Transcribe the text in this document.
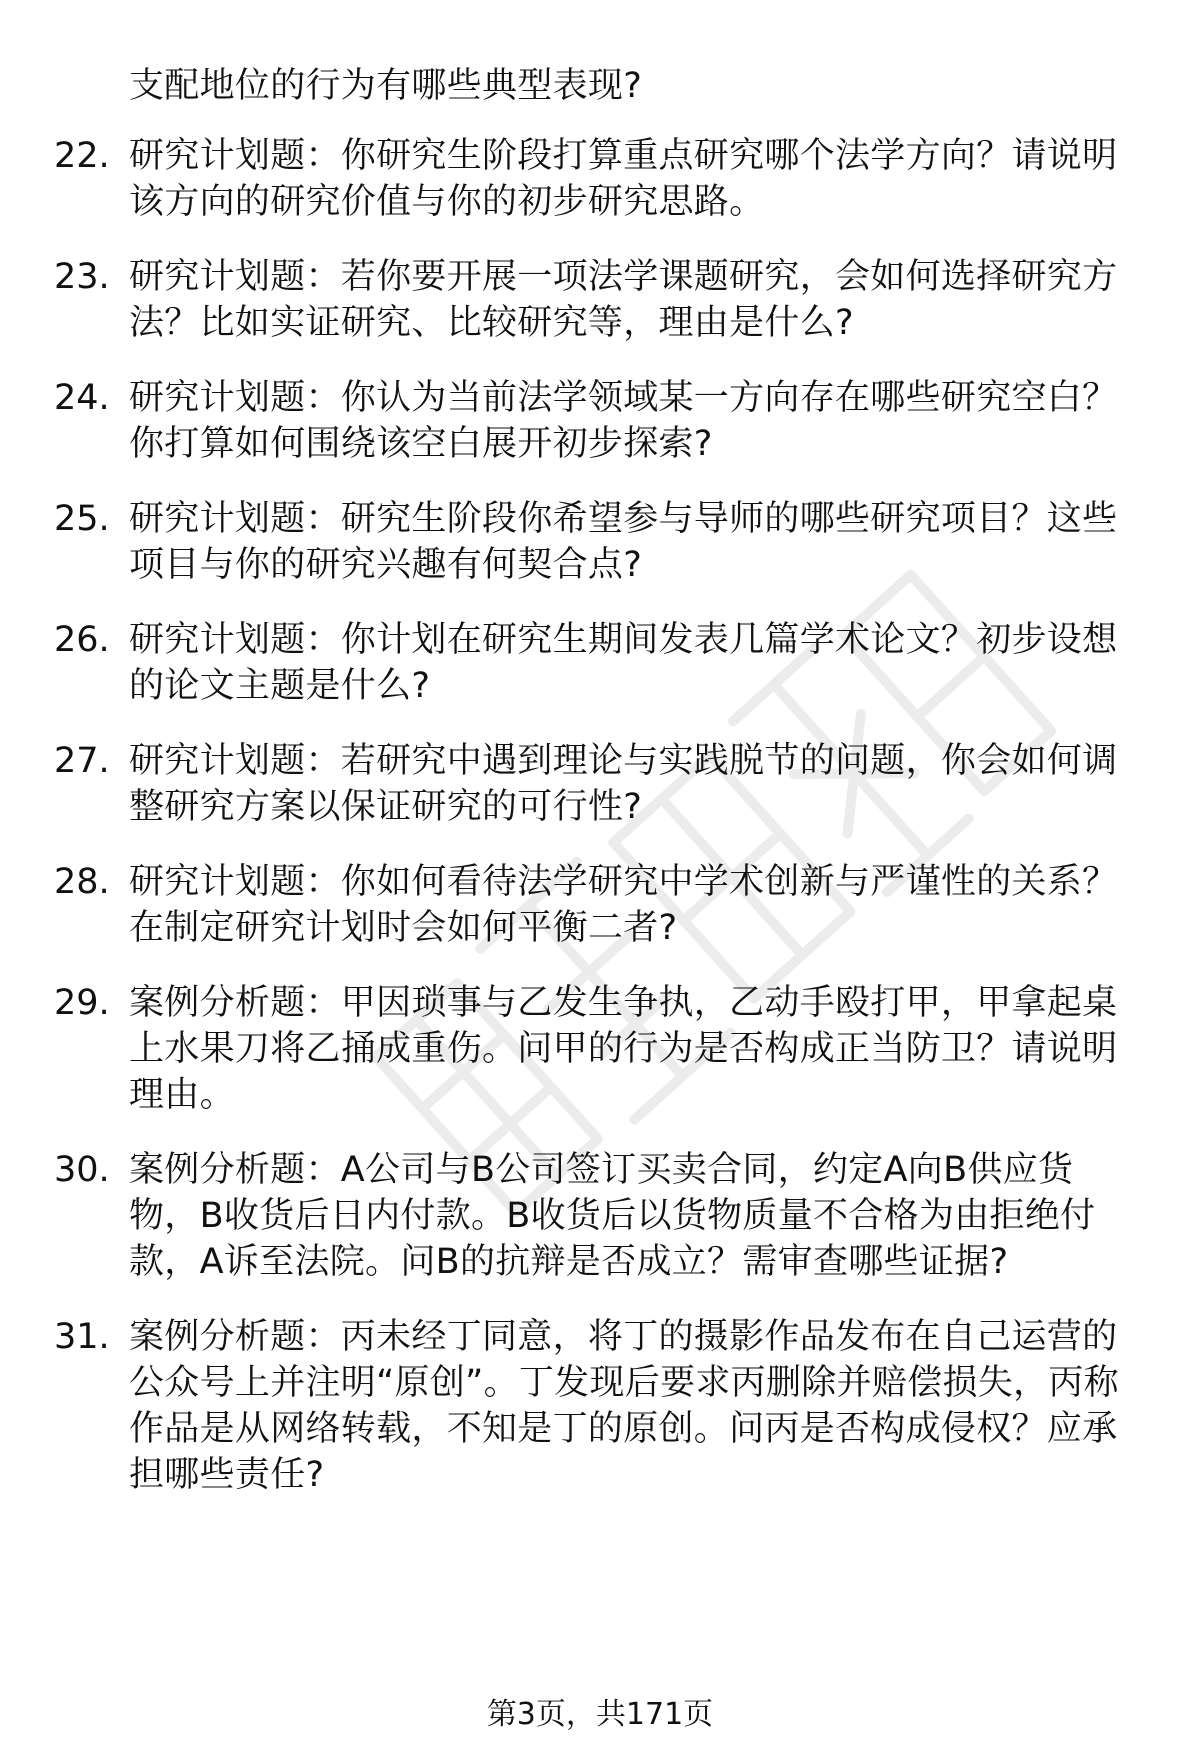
支配地位的行为有哪些典型表现?
22. 研究计划题：你研究生阶段打算重点研究哪个法学方向？请说明该方向的研究价值与你的初步研究思路。
23. 研究计划题：若你要开展一项法学课题研究，会如何选择研究方法？比如实证研究、比较研究等，理由是什么?
24. 研究计划题：你认为当前法学领域某一方向存在哪些研究空白？你打算如何围绕该空白展开初步探索?
25. 研究计划题：研究生阶段你希望参与导师的哪些研究项目？这些项目与你的研究兴趣有何契合点?
26. 研究计划题：你计划在研究生期间发表几篇学术论文？初步设想的论文主题是什么?
27. 研究计划题：若研究中遇到理论与实践脱节的问题，你会如何调整研究方案以保证研究的可行性?
28. 研究计划题：你如何看待法学研究中学术创新与严谨性的关系？在制定研究计划时会如何平衡二者?
29. 案例分析题：甲因琐事与乙发生争执，乙动手殴打甲，甲拿起桌上水果刀将乙捅成重伤。问甲的行为是否构成正当防卫？请说明理由。
30. 案例分析题：A公司与B公司签订买卖合同，约定A向B供应货物，B收货后日内付款。B收货后以货物质量不合格为由拒绝付款，A诉至法院。问B的抗辩是否成立？需审查哪些证据?
31. 案例分析题：丙未经丁同意，将丁的摄影作品发布在自己运营的公众号上并注明“原创”。丁发现后要求丙删除并赔偿损失，丙称作品是从网络转载，不知是丁的原创。问丙是否构成侵权？应承担哪些责任?
第3页，共171页
